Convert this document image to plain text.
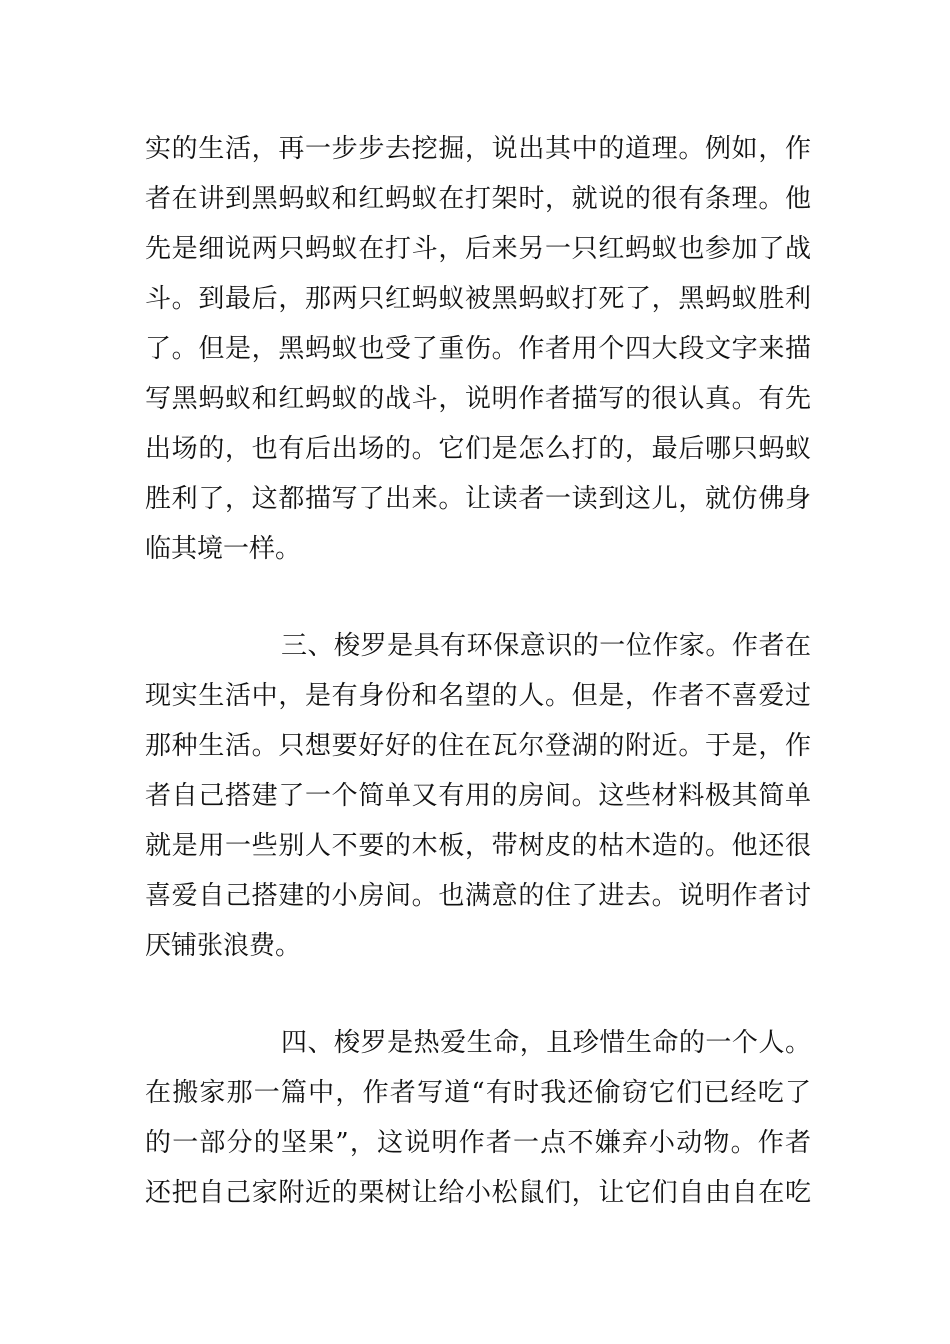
实的生活，再一步步去挖掘，说出其中的道理。例如，作
者在讲到黑蚂蚁和红蚂蚁在打架时，就说的很有条理。他
先是细说两只蚂蚁在打斗，后来另一只红蚂蚁也参加了战
斗。到最后，那两只红蚂蚁被黑蚂蚁打死了，黑蚂蚁胜利
了。但是，黑蚂蚁也受了重伤。作者用个四大段文字来描
写黑蚂蚁和红蚂蚁的战斗，说明作者描写的很认真。有先
出场的，也有后出场的。它们是怎么打的，最后哪只蚂蚁
胜利了，这都描写了出来。让读者一读到这儿，就仿佛身
临其境一样。
三、梭罗是具有环保意识的一位作家。作者在
现实生活中，是有身份和名望的人。但是，作者不喜爱过
那种生活。只想要好好的住在瓦尔登湖的附近。于是，作
者自己搭建了一个简单又有用的房间。这些材料极其简单
就是用一些别人不要的木板，带树皮的枯木造的。他还很
喜爱自己搭建的小房间。也满意的住了进去。说明作者讨
厌铺张浪费。
四、梭罗是热爱生命，且珍惜生命的一个人。
在搬家那一篇中，作者写道“有时我还偷窃它们已经吃了
的一部分的坚果”，这说明作者一点不嫌弃小动物。作者
还把自己家附近的栗树让给小松鼠们，让它们自由自在吃
